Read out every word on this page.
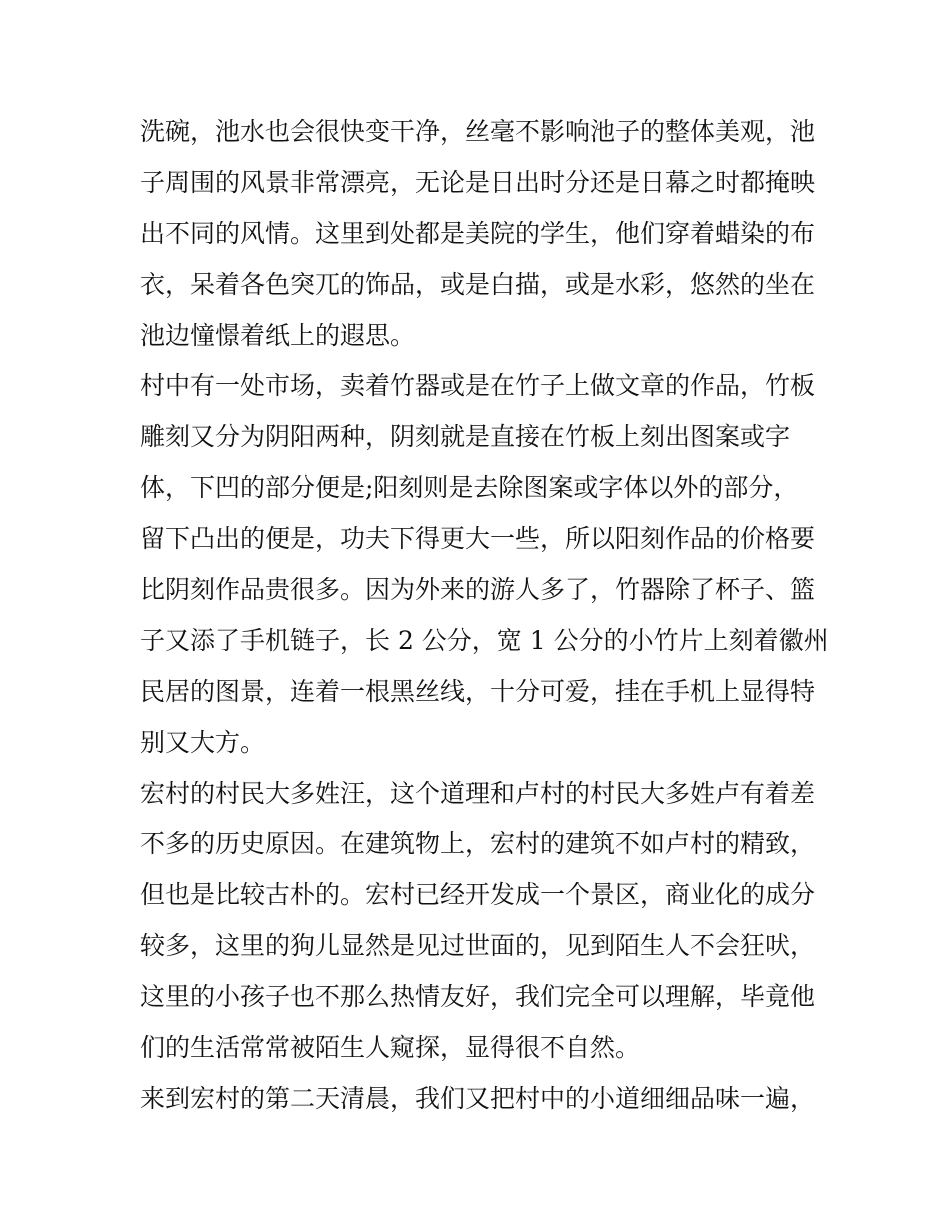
洗碗，池水也会很快变干净，丝毫不影响池子的整体美观，池
子周围的风景非常漂亮，无论是日出时分还是日幕之时都掩映
出不同的风情。这里到处都是美院的学生，他们穿着蜡染的布
衣，呆着各色突兀的饰品，或是白描，或是水彩，悠然的坐在
池边憧憬着纸上的遐思。
村中有一处市场，卖着竹器或是在竹子上做文章的作品，竹板
雕刻又分为阴阳两种，阴刻就是直接在竹板上刻出图案或字
体，下凹的部分便是;阳刻则是去除图案或字体以外的部分，
留下凸出的便是，功夫下得更大一些，所以阳刻作品的价格要
比阴刻作品贵很多。因为外来的游人多了，竹器除了杯子、篮
子又添了手机链子，长 2 公分，宽 1 公分的小竹片上刻着徽州
民居的图景，连着一根黑丝线，十分可爱，挂在手机上显得特
别又大方。
宏村的村民大多姓汪，这个道理和卢村的村民大多姓卢有着差
不多的历史原因。在建筑物上，宏村的建筑不如卢村的精致，
但也是比较古朴的。宏村已经开发成一个景区，商业化的成分
较多，这里的狗儿显然是见过世面的，见到陌生人不会狂吠，
这里的小孩子也不那么热情友好，我们完全可以理解，毕竟他
们的生活常常被陌生人窥探，显得很不自然。
来到宏村的第二天清晨，我们又把村中的小道细细品味一遍，
